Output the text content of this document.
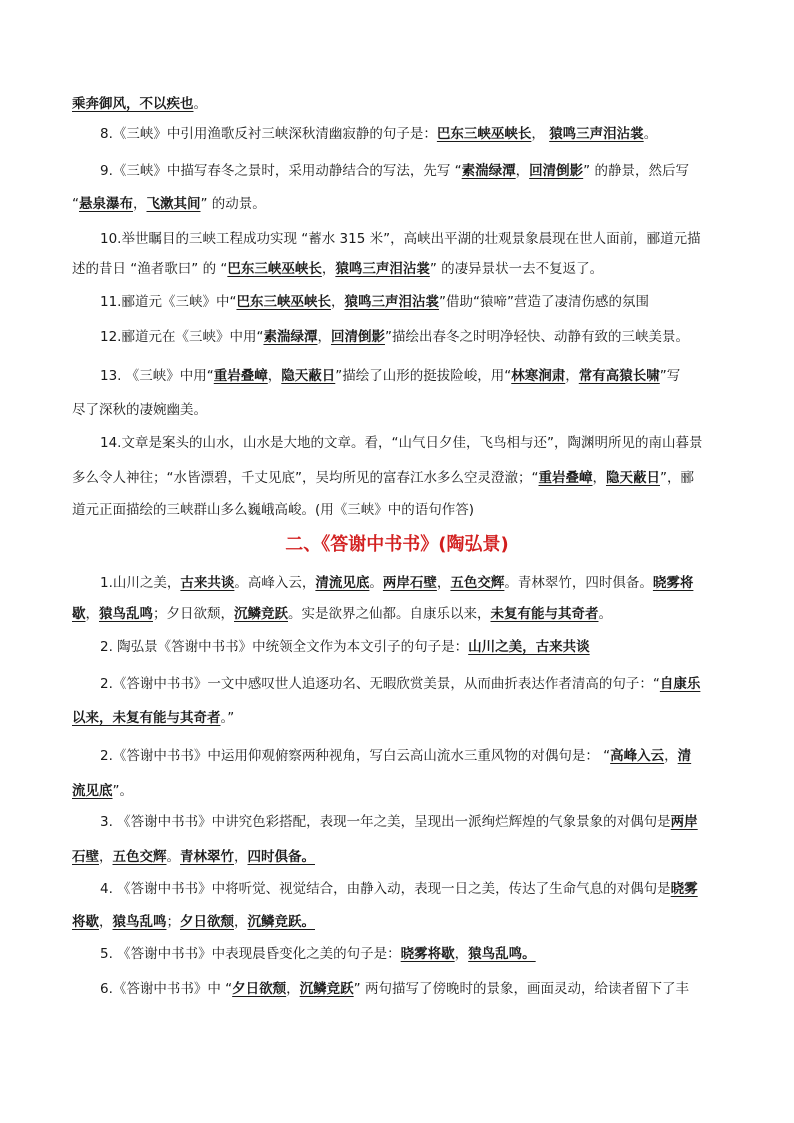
乘奔御风，不以疾也。

8.《三峡》中引用渔歌反衬三峡深秋清幽寂静的句子是：巴东三峡巫峡长， 猿鸣三声泪沾裳。

9.《三峡》中描写春冬之景时，采用动静结合的写法，先写 “素湍绿潭，回清倒影” 的静景，然后写

“悬泉瀑布，飞漱其间” 的动景。

10.举世瞩目的三峡工程成功实现 “蓄水 315 米”，高峡出平湖的壮观景象晨现在世人面前，郦道元描

述的昔日 “渔者歌曰” 的 “巴东三峡巫峡长，猿鸣三声泪沾裳” 的凄异景状一去不复返了。

11.郦道元《三峡》中“巴东三峡巫峡长，猿鸣三声泪沾裳”借助“猿啼”营造了凄清伤感的氛围

12.郦道元在《三峡》中用“素湍绿潭，回清倒影”描绘出春冬之时明净轻快、动静有致的三峡美景。

13. 《三峡》中用“重岩叠嶂，隐天蔽日”描绘了山形的挺拔险峻，用“林寒涧肃，常有高猿长啸”写

尽了深秋的凄婉幽美。

14.文章是案头的山水，山水是大地的文章。看，“山气日夕佳，飞鸟相与还”，陶渊明所见的南山暮景

多么令人神往；“水皆漂碧，千丈见底”，吴均所见的富春江水多么空灵澄澈；“重岩叠嶂，隐天蔽日”，郦

道元正面描绘的三峡群山多么巍峨高峻。(用《三峡》中的语句作答)

二、《答谢中书书》(陶弘景)

1.山川之美，古来共谈。高峰入云，清流见底。两岸石壁，五色交辉。青林翠竹，四时俱备。晓雾将

歇，猿鸟乱鸣；夕日欲颓，沉鳞竞跃。实是欲界之仙都。自康乐以来，未复有能与其奇者。

2. 陶弘景《答谢中书书》中统领全文作为本文引子的句子是：山川之美，古来共谈

2.《答谢中书书》一文中感叹世人追逐功名、无暇欣赏美景，从而曲折表达作者清高的句子：“自康乐

以来，未复有能与其奇者。”

2.《答谢中书书》中运用仰观俯察两种视角，写白云高山流水三重风物的对偶句是： “高峰入云，清

流见底”。

3. 《答谢中书书》中讲究色彩搭配，表现一年之美，呈现出一派绚烂辉煌的气象景象的对偶句是两岸

石壁，五色交辉。青林翠竹，四时俱备。

4. 《答谢中书书》中将听觉、视觉结合，由静入动，表现一日之美，传达了生命气息的对偶句是晓雾

将歇，猿鸟乱鸣；夕日欲颓，沉鳞竞跃。

5. 《答谢中书书》中表现晨昏变化之美的句子是：晓雾将歇，猿鸟乱鸣。

6.《答谢中书书》中 “夕日欲颓，沉鳞竞跃” 两句描写了傍晚时的景象，画面灵动，给读者留下了丰
